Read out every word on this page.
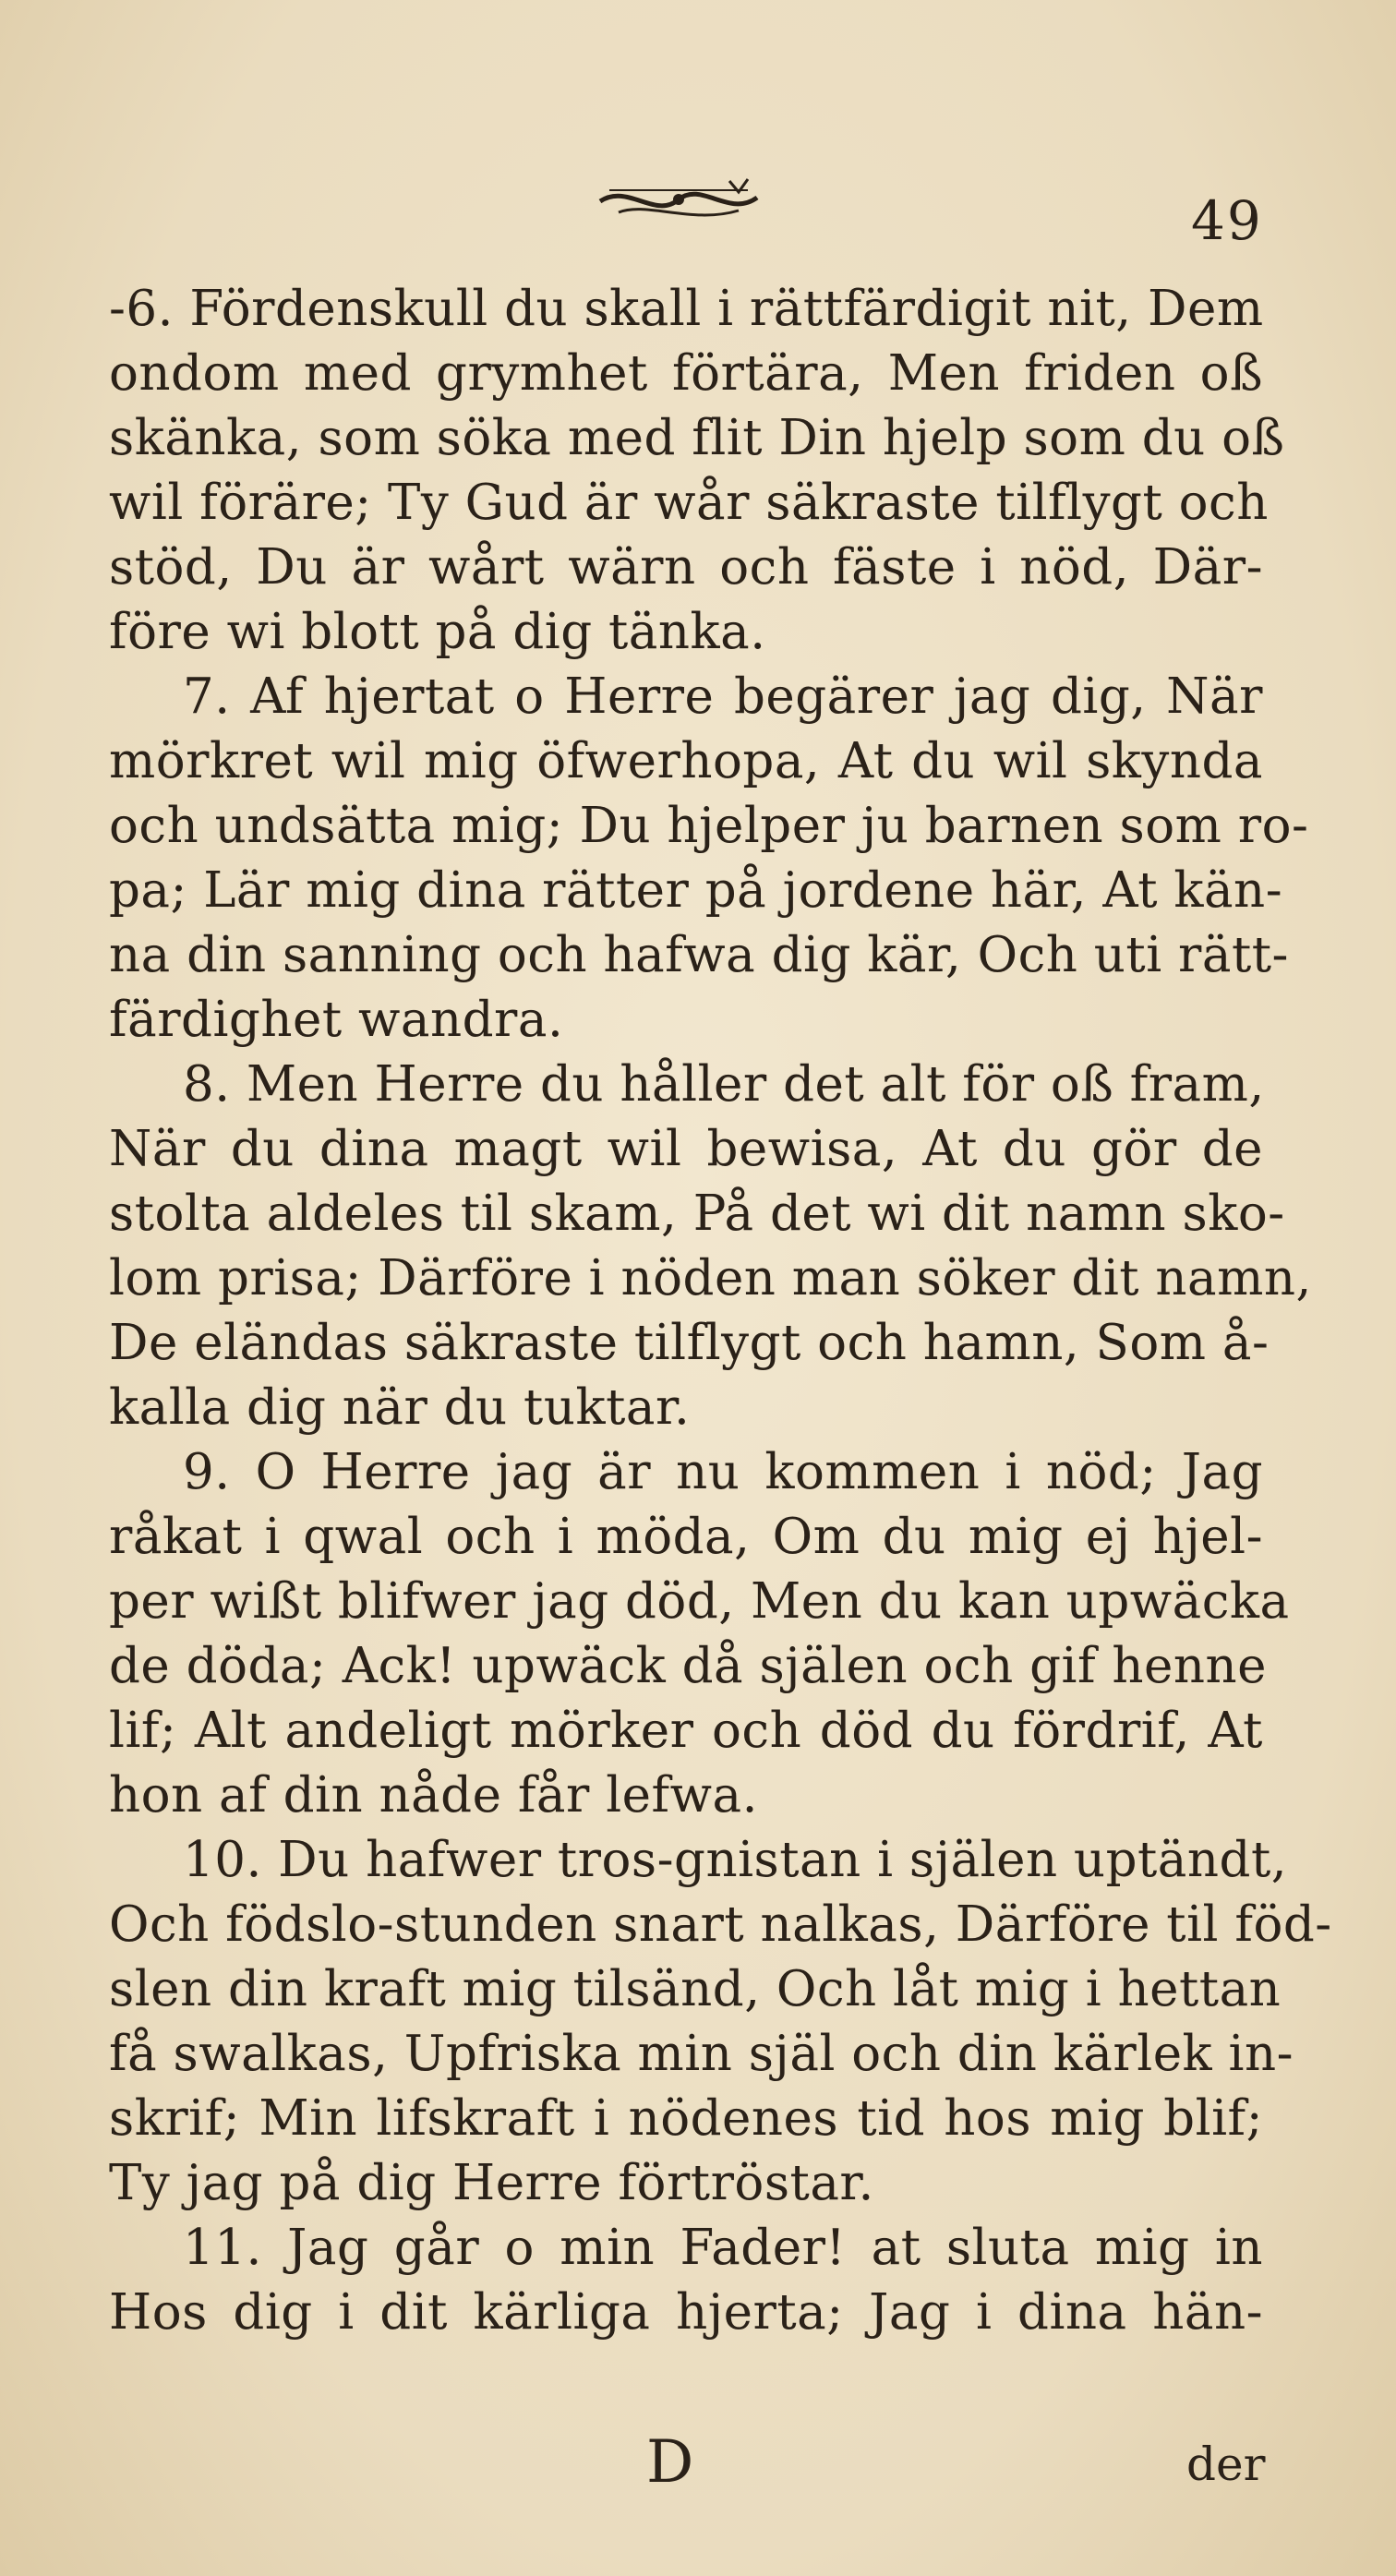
49
-6. Fördenskull du skall i rättfärdigit nit, Dem
ondom med grymhet förtära, Men friden oß
skänka, som söka med flit Din hjelp som du oß
wil föräre; Ty Gud är wår säkraste tilflygt och
stöd, Du är wårt wärn och fäste i nöd, Där-
före wi blott på dig tänka.
7. Af hjertat o Herre begärer jag dig, När
mörkret wil mig öfwerhopa, At du wil skynda
och undsätta mig; Du hjelper ju barnen som ro-
pa; Lär mig dina rätter på jordene här, At kän-
na din sanning och hafwa dig kär, Och uti rätt-
färdighet wandra.
8. Men Herre du håller det alt för oß fram,
När du dina magt wil bewisa, At du gör de
stolta aldeles til skam, På det wi dit namn sko-
lom prisa; Därföre i nöden man söker dit namn,
De eländas säkraste tilflygt och hamn, Som å-
kalla dig när du tuktar.
9. O Herre jag är nu kommen i nöd; Jag
råkat i qwal och i möda, Om du mig ej hjel-
per wißt blifwer jag död, Men du kan upwäcka
de döda; Ack! upwäck då själen och gif henne
lif; Alt andeligt mörker och död du fördrif, At
hon af din nåde får lefwa.
10. Du hafwer tros-gnistan i själen uptändt,
Och födslo-stunden snart nalkas, Därföre til föd-
slen din kraft mig tilsänd, Och låt mig i hettan
få swalkas, Upfriska min själ och din kärlek in-
skrif; Min lifskraft i nödenes tid hos mig blif;
Ty jag på dig Herre förtröstar.
11. Jag går o min Fader! at sluta mig in
Hos dig i dit kärliga hjerta; Jag i dina hän-
D	der
